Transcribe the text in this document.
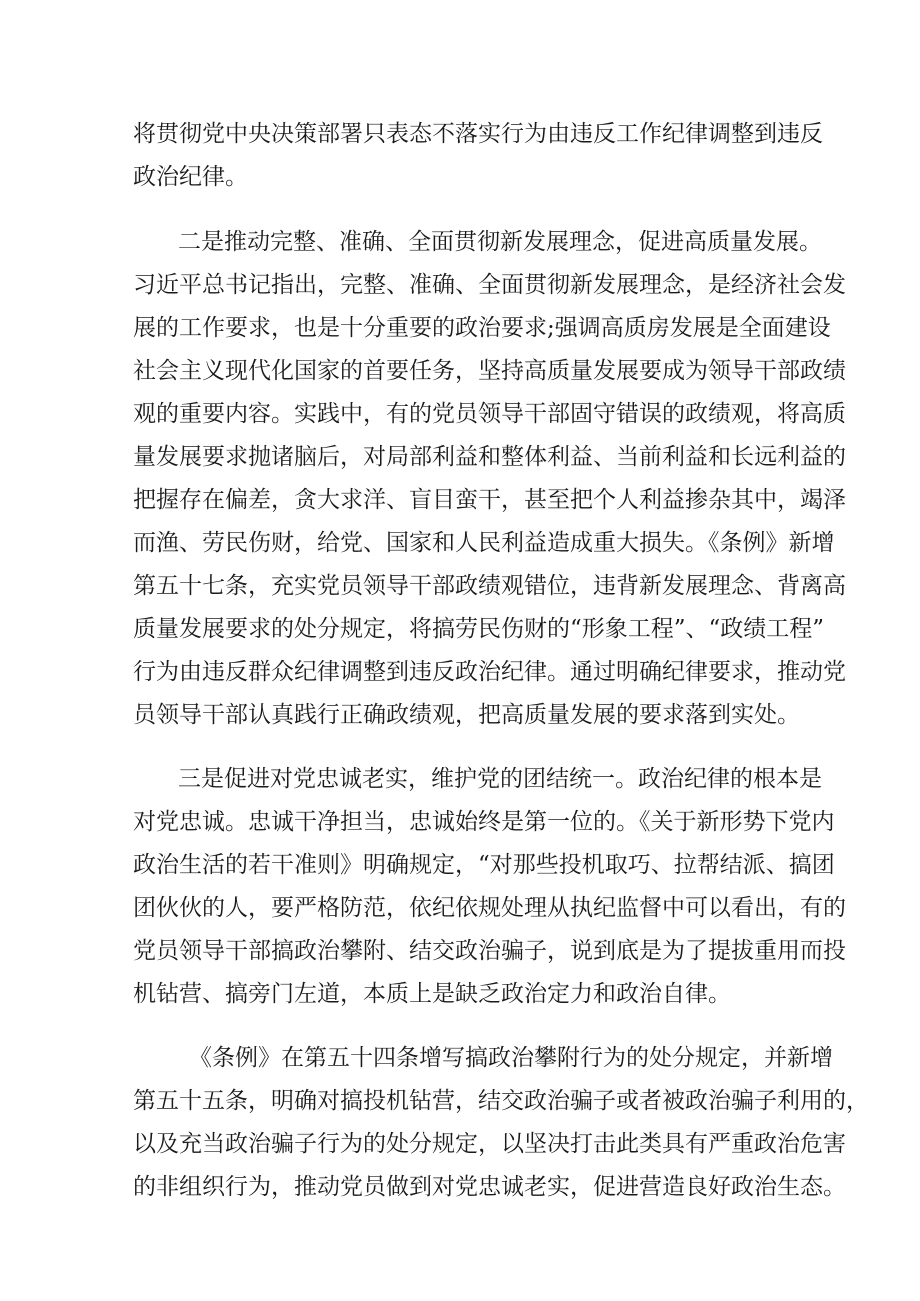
将贯彻党中央决策部署只表态不落实行为由违反工作纪律调整到违反
政治纪律。
二是推动完整、准确、全面贯彻新发展理念，促进高质量发展。
习近平总书记指出，完整、准确、全面贯彻新发展理念，是经济社会发
展的工作要求，也是十分重要的政治要求;强调高质房发展是全面建设
社会主义现代化国家的首要任务，坚持高质量发展要成为领导干部政绩
观的重要内容。实践中，有的党员领导干部固守错误的政绩观，将高质
量发展要求抛诸脑后，对局部利益和整体利益、当前利益和长远利益的
把握存在偏差，贪大求洋、盲目蛮干，甚至把个人利益掺杂其中，竭泽
而渔、劳民伤财，给党、国家和人民利益造成重大损失。《条例》新增
第五十七条，充实党员领导干部政绩观错位，违背新发展理念、背离高
质量发展要求的处分规定，将搞劳民伤财的“形象工程”、“政绩工程”
行为由违反群众纪律调整到违反政治纪律。通过明确纪律要求，推动党
员领导干部认真践行正确政绩观，把高质量发展的要求落到实处。
三是促进对党忠诚老实，维护党的团结统一。政治纪律的根本是
对党忠诚。忠诚干净担当，忠诚始终是第一位的。《关于新形势下党内
政治生活的若干准则》明确规定，“对那些投机取巧、拉帮结派、搞团
团伙伙的人，要严格防范，依纪依规处理从执纪监督中可以看出，有的
党员领导干部搞政治攀附、结交政治骗子，说到底是为了提拔重用而投
机钻营、搞旁门左道，本质上是缺乏政治定力和政治自律。
《条例》在第五十四条增写搞政治攀附行为的处分规定，并新增
第五十五条，明确对搞投机钻营，结交政治骗子或者被政治骗子利用的，
以及充当政治骗子行为的处分规定，以坚决打击此类具有严重政治危害
的非组织行为，推动党员做到对党忠诚老实，促进营造良好政治生态。
